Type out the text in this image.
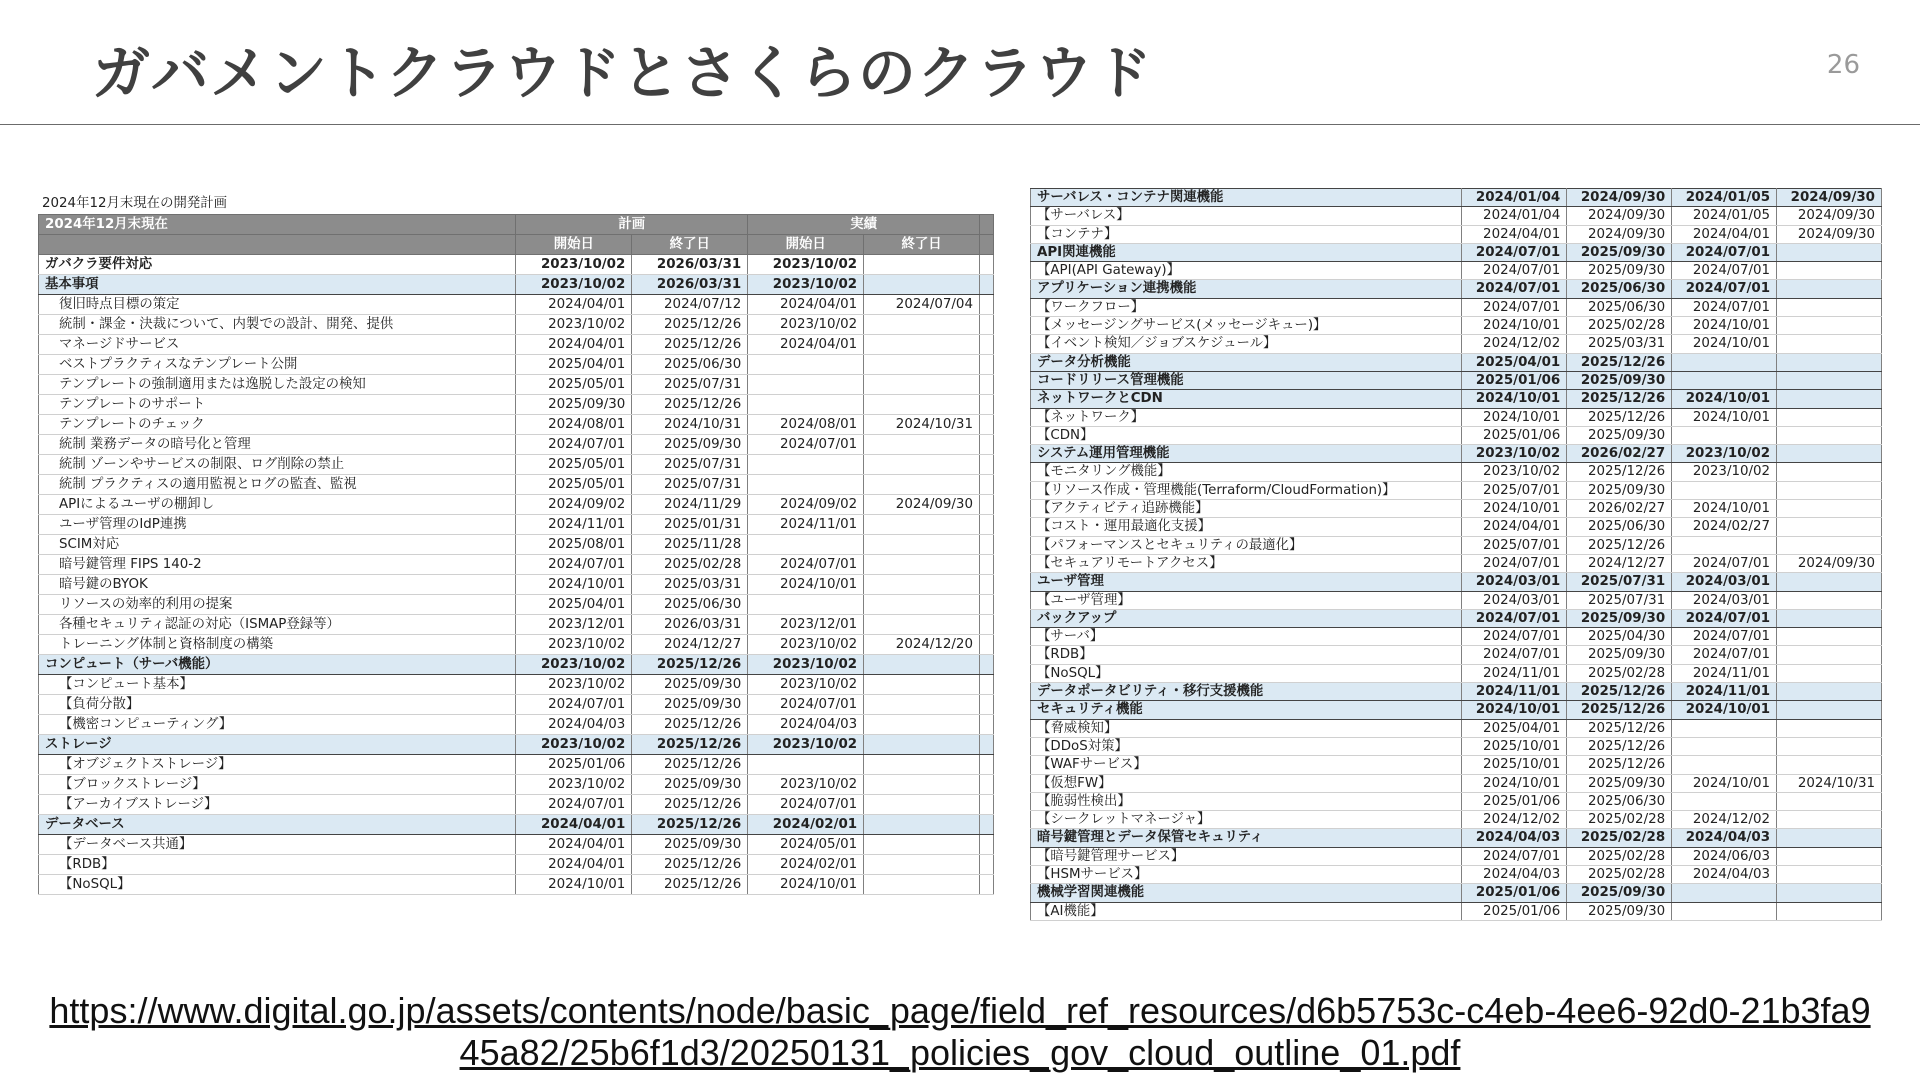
ガバメントクラウドとさくらのクラウド	26
2024年12月末現在の開発計画
2024年12月末現在	計画		実績		
	開始日	終了日	開始日	終了日	
ガバクラ要件対応	2023/10/02	2026/03/31	2023/10/02		
基本事項	2023/10/02	2026/03/31	2023/10/02		
復旧時点目標の策定	2024/04/01	2024/07/12	2024/04/01	2024/07/04	
統制・課金・決裁について、内製での設計、開発、提供	2023/10/02	2025/12/26	2023/10/02		
マネージドサービス	2024/04/01	2025/12/26	2024/04/01		
ベストプラクティスなテンプレート公開	2025/04/01	2025/06/30			
テンプレートの強制適用または逸脱した設定の検知	2025/05/01	2025/07/31			
テンプレートのサポート	2025/09/30	2025/12/26			
テンプレートのチェック	2024/08/01	2024/10/31	2024/08/01	2024/10/31	
統制 業務データの暗号化と管理	2024/07/01	2025/09/30	2024/07/01		
統制 ゾーンやサービスの制限、ログ削除の禁止	2025/05/01	2025/07/31			
統制 プラクティスの適用監視とログの監査、監視	2025/05/01	2025/07/31			
APIによるユーザの棚卸し	2024/09/02	2024/11/29	2024/09/02	2024/09/30	
ユーザ管理のIdP連携	2024/11/01	2025/01/31	2024/11/01		
SCIM対応	2025/08/01	2025/11/28			
暗号鍵管理 FIPS 140-2	2024/07/01	2025/02/28	2024/07/01		
暗号鍵のBYOK	2024/10/01	2025/03/31	2024/10/01		
リソースの効率的利用の提案	2025/04/01	2025/06/30			
各種セキュリティ認証の対応（ISMAP登録等）	2023/12/01	2026/03/31	2023/12/01		
トレーニング体制と資格制度の構築	2023/10/02	2024/12/27	2023/10/02	2024/12/20	
コンピュート（サーバ機能）	2023/10/02	2025/12/26	2023/10/02		
【コンピュート基本】	2023/10/02	2025/09/30	2023/10/02		
【負荷分散】	2024/07/01	2025/09/30	2024/07/01		
【機密コンピューティング】	2024/04/03	2025/12/26	2024/04/03		
ストレージ	2023/10/02	2025/12/26	2023/10/02		
【オブジェクトストレージ】	2025/01/06	2025/12/26			
【ブロックストレージ】	2023/10/02	2025/09/30	2023/10/02		
【アーカイブストレージ】	2024/07/01	2025/12/26	2024/07/01		
データベース	2024/04/01	2025/12/26	2024/02/01		
【データベース共通】	2024/04/01	2025/09/30	2024/05/01		
【RDB】	2024/04/01	2025/12/26	2024/02/01		
【NoSQL】	2024/10/01	2025/12/26	2024/10/01		
サーバレス・コンテナ関連機能	2024/01/04	2024/09/30	2024/01/05	2024/09/30
【サーバレス】	2024/01/04	2024/09/30	2024/01/05	2024/09/30
【コンテナ】	2024/04/01	2024/09/30	2024/04/01	2024/09/30
API関連機能	2024/07/01	2025/09/30	2024/07/01	
【API(API Gateway)】	2024/07/01	2025/09/30	2024/07/01	
アプリケーション連携機能	2024/07/01	2025/06/30	2024/07/01	
【ワークフロー】	2024/07/01	2025/06/30	2024/07/01	
【メッセージングサービス(メッセージキュー)】	2024/10/01	2025/02/28	2024/10/01	
【イベント検知／ジョブスケジュール】	2024/12/02	2025/03/31	2024/10/01	
データ分析機能	2025/04/01	2025/12/26		
コードリリース管理機能	2025/01/06	2025/09/30		
ネットワークとCDN	2024/10/01	2025/12/26	2024/10/01	
【ネットワーク】	2024/10/01	2025/12/26	2024/10/01	
【CDN】	2025/01/06	2025/09/30		
システム運用管理機能	2023/10/02	2026/02/27	2023/10/02	
【モニタリング機能】	2023/10/02	2025/12/26	2023/10/02	
【リソース作成・管理機能(Terraform/CloudFormation)】	2025/07/01	2025/09/30		
【アクティビティ追跡機能】	2024/10/01	2026/02/27	2024/10/01	
【コスト・運用最適化支援】	2024/04/01	2025/06/30	2024/02/27	
【パフォーマンスとセキュリティの最適化】	2025/07/01	2025/12/26		
【セキュアリモートアクセス】	2024/07/01	2024/12/27	2024/07/01	2024/09/30
ユーザ管理	2024/03/01	2025/07/31	2024/03/01	
【ユーザ管理】	2024/03/01	2025/07/31	2024/03/01	
バックアップ	2024/07/01	2025/09/30	2024/07/01	
【サーバ】	2024/07/01	2025/04/30	2024/07/01	
【RDB】	2024/07/01	2025/09/30	2024/07/01	
【NoSQL】	2024/11/01	2025/02/28	2024/11/01	
データポータビリティ・移行支援機能	2024/11/01	2025/12/26	2024/11/01	
セキュリティ機能	2024/10/01	2025/12/26	2024/10/01	
【脅威検知】	2025/04/01	2025/12/26		
【DDoS対策】	2025/10/01	2025/12/26		
【WAFサービス】	2025/10/01	2025/12/26		
【仮想FW】	2024/10/01	2025/09/30	2024/10/01	2024/10/31
【脆弱性検出】	2025/01/06	2025/06/30		
【シークレットマネージャ】	2024/12/02	2025/02/28	2024/12/02	
暗号鍵管理とデータ保管セキュリティ	2024/04/03	2025/02/28	2024/04/03	
【暗号鍵管理サービス】	2024/07/01	2025/02/28	2024/06/03	
【HSMサービス】	2024/04/03	2025/02/28	2024/04/03	
機械学習関連機能	2025/01/06	2025/09/30		
【AI機能】	2025/01/06	2025/09/30		
https://www.digital.go.jp/assets/contents/node/basic_page/field_ref_resources/d6b5753c-c4eb-4ee6-92d0-21b3fa945a82/25b6f1d3/20250131_policies_gov_cloud_outline_01.pdf
